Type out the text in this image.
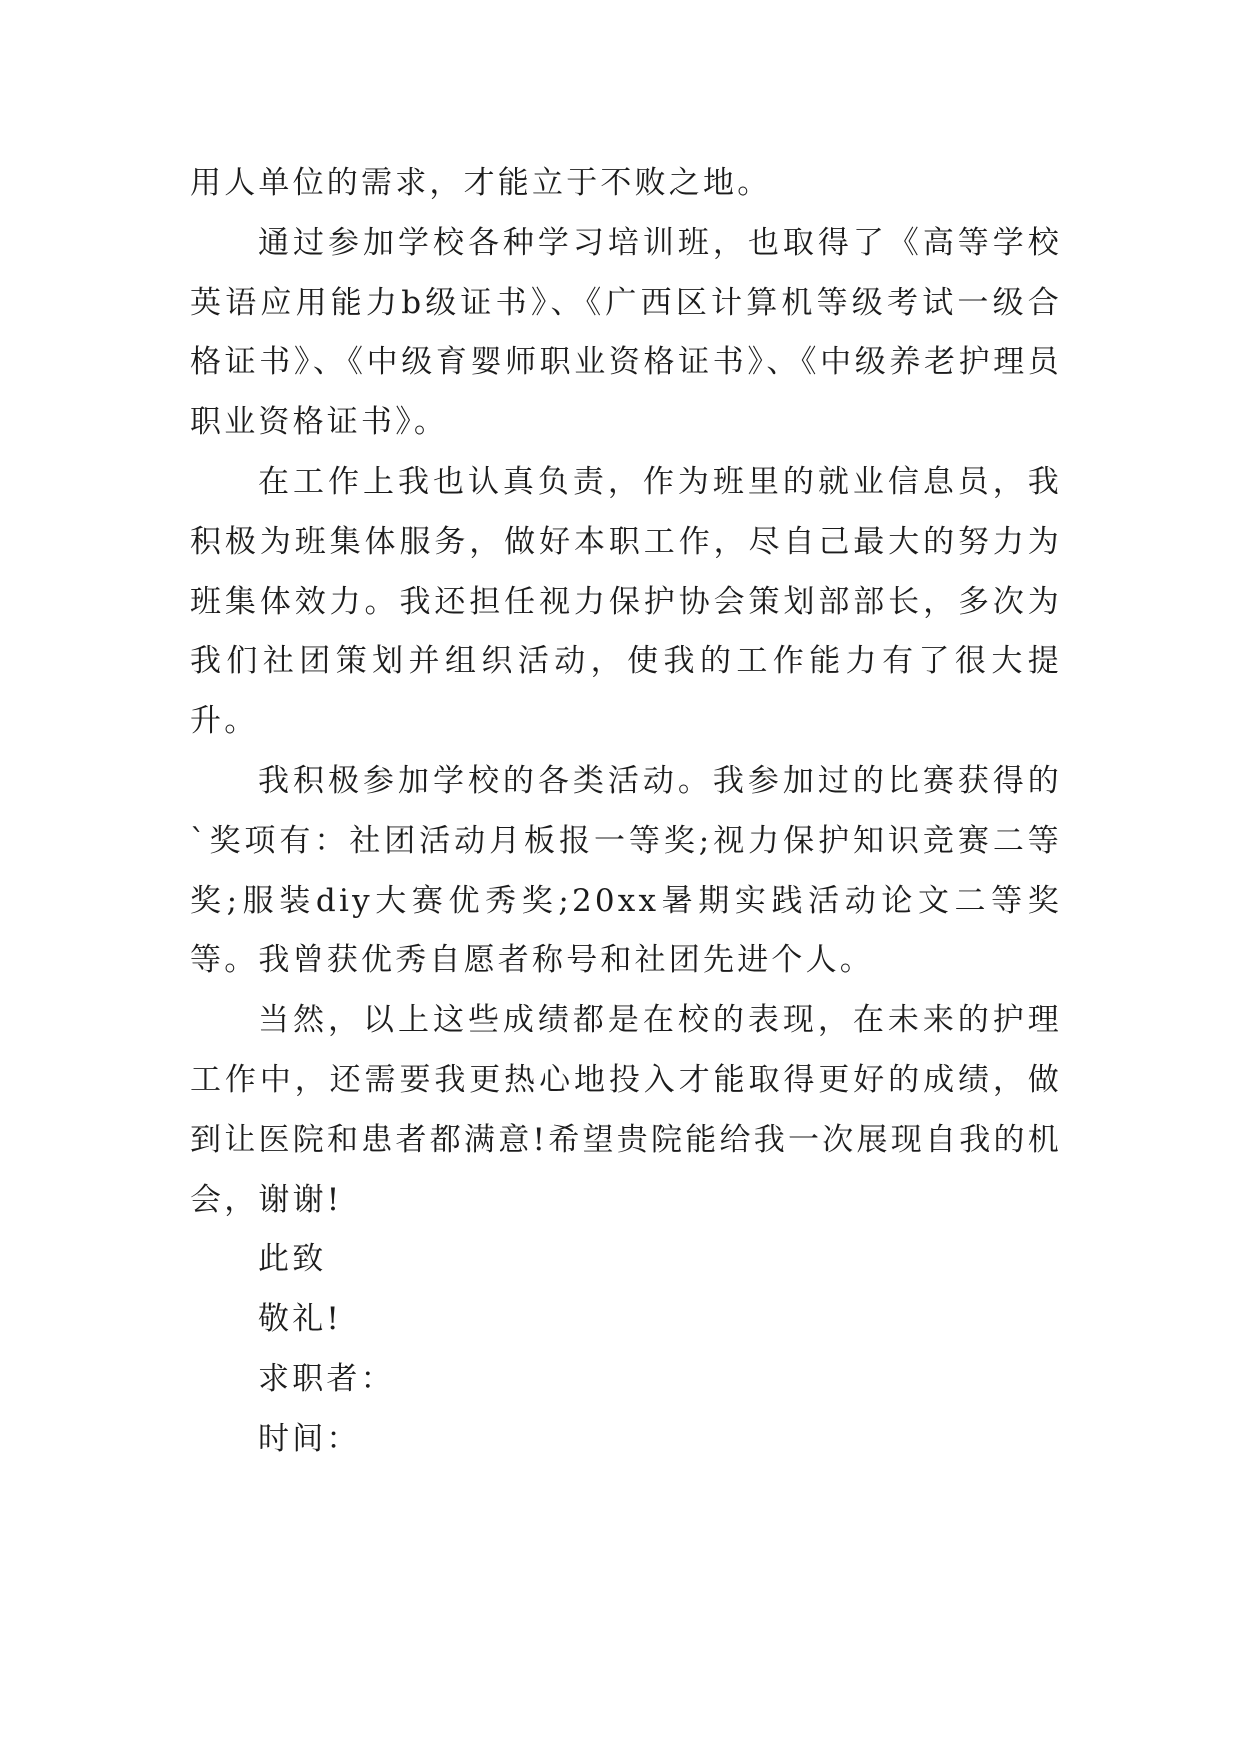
用人单位的需求，才能立于不败之地。

通过参加学校各种学习培训班，也取得了《高等学校英语应用能力b级证书》、《广西区计算机等级考试一级合格证书》、《中级育婴师职业资格证书》、《中级养老护理员职业资格证书》。

在工作上我也认真负责，作为班里的就业信息员，我积极为班集体服务，做好本职工作，尽自己最大的努力为班集体效力。我还担任视力保护协会策划部部长，多次为我们社团策划并组织活动，使我的工作能力有了很大提升。

我积极参加学校的各类活动。我参加过的比赛获得的`奖项有：社团活动月板报一等奖;视力保护知识竞赛二等奖;服装diy大赛优秀奖;20xx暑期实践活动论文二等奖等。我曾获优秀自愿者称号和社团先进个人。

当然，以上这些成绩都是在校的表现，在未来的护理工作中，还需要我更热心地投入才能取得更好的成绩，做到让医院和患者都满意!希望贵院能给我一次展现自我的机会，谢谢!

此致

敬礼!

求职者：

时间：
